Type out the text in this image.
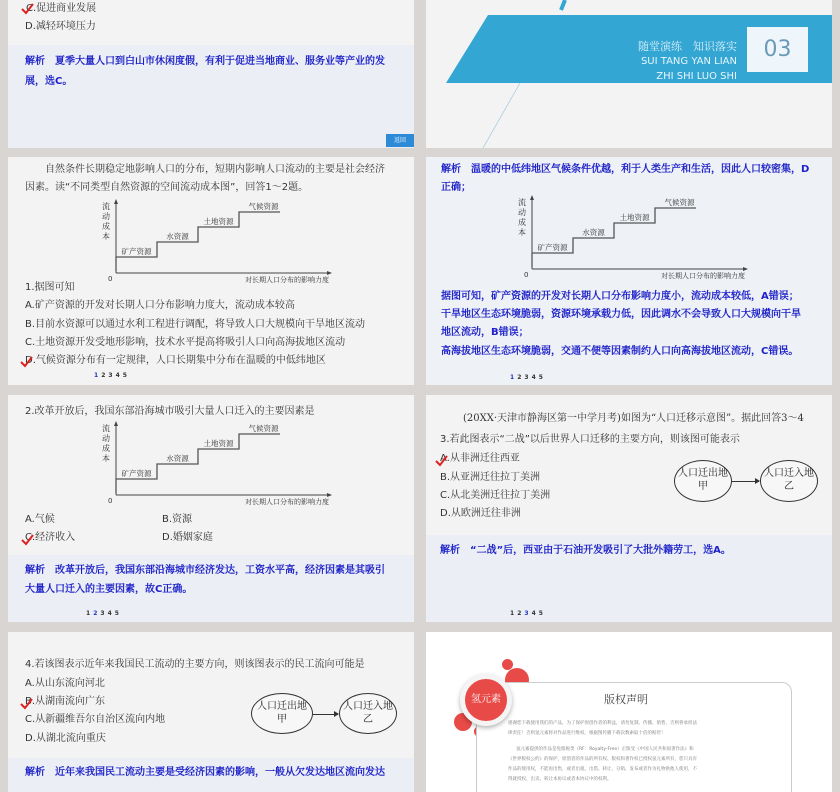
C.促进商业发展
D.减轻环境压力
解析　 夏季大量人口到白山市休闲度假，有利于促进当地商业、服务业等产业的发
展，选C。
返回
随堂演练　知识落实
SUI TANG YAN LIAN
ZHI SHI LUO SHI
03
自然条件长期稳定地影响人口的分布，短期内影响人口流动的主要是社会经济
因素。读“不同类型自然资源的空间流动成本图”，回答1～2题。
流
动
成
本
0	对长期人口分布的影响力度
矿产资源
水资源
土地资源
气候资源
1.据图可知
A.矿产资源的开发对长期人口分布影响力度大，流动成本较高
B.目前水资源可以通过水利工程进行调配，将导致人口大规模向干旱地区流动
C.土地资源开发受地形影响，技术水平提高将吸引人口向高海拔地区流动
D.气候资源分布有一定规律，人口长期集中分布在温暖的中低纬地区
12345
解析　 温暖的中低纬地区气候条件优越，利于人类生产和生活，因此人口较密集，D
正确；
流
动
成
本
0	对长期人口分布的影响力度
矿产资源
水资源
土地资源
气候资源
据图可知，矿产资源的开发对长期人口分布影响力度小，流动成本较低，A错误；
干旱地区生态环境脆弱，资源环境承载力低，因此调水不会导致人口大规模向干旱
地区流动，B错误；
高海拔地区生态环境脆弱，交通不便等因素制约人口向高海拔地区流动，C错误。
12345
2.改革开放后，我国东部沿海城市吸引大量人口迁入的主要因素是
流
动
成
本
0	对长期人口分布的影响力度
矿产资源
水资源
土地资源
气候资源
A.气候	B.资源
C.经济收入	D.婚姻家庭
解析　 改革开放后，我国东部沿海城市经济发达，工资水平高，经济因素是其吸引
大量人口迁入的主要因素，故C正确。
12345
(20XX·天津市静海区第一中学月考)如图为“人口迁移示意图”。据此回答3～4
3.若此图表示“二战”以后世界人口迁移的主要方向，则该图可能表示
A.从非洲迁往西亚
B.从亚洲迁往拉丁美洲
C.从北美洲迁往拉丁美洲
D.从欧洲迁往非洲
人口迁出地
甲
人口迁入地
乙
解析　 “二战”后，西亚由于石油开发吸引了大批外籍劳工，选A。
12345
4.若该图表示近年来我国民工流动的主要方向，则该图表示的民工流向可能是
A.从山东流向河北
B.从湖南流向广东
C.从新疆维吾尔自治区流向内地
D.从湖北流向重庆
人口迁出地
甲
人口迁入地
乙
解析　 近年来我国民工流动主要是受经济因素的影响，一般从欠发达地区流向发达
氢元素	版权声明
感谢您下载使用我们的产品，为了保护原创作者的利益，请勿复制、传播、销售，否则将承担法
律责任！否则氢元素将对作品进行维权，根据图传播下载次数索取十倍的赔偿！
氢元素提供的作品是免版税类（RF：Royalty-Free）正版受《中国人民共和国著作法》和
《世界版权公约》的保护，原创者的作品的所有权、版权和著作权已授权氢元素所有，您只具有
作品的使用权，不能再出售，或者出租、出借、转让、分销、发布或者作为礼物供他人使用，不
得就授权、出卖、转让本协议或者本协议中的权利。
